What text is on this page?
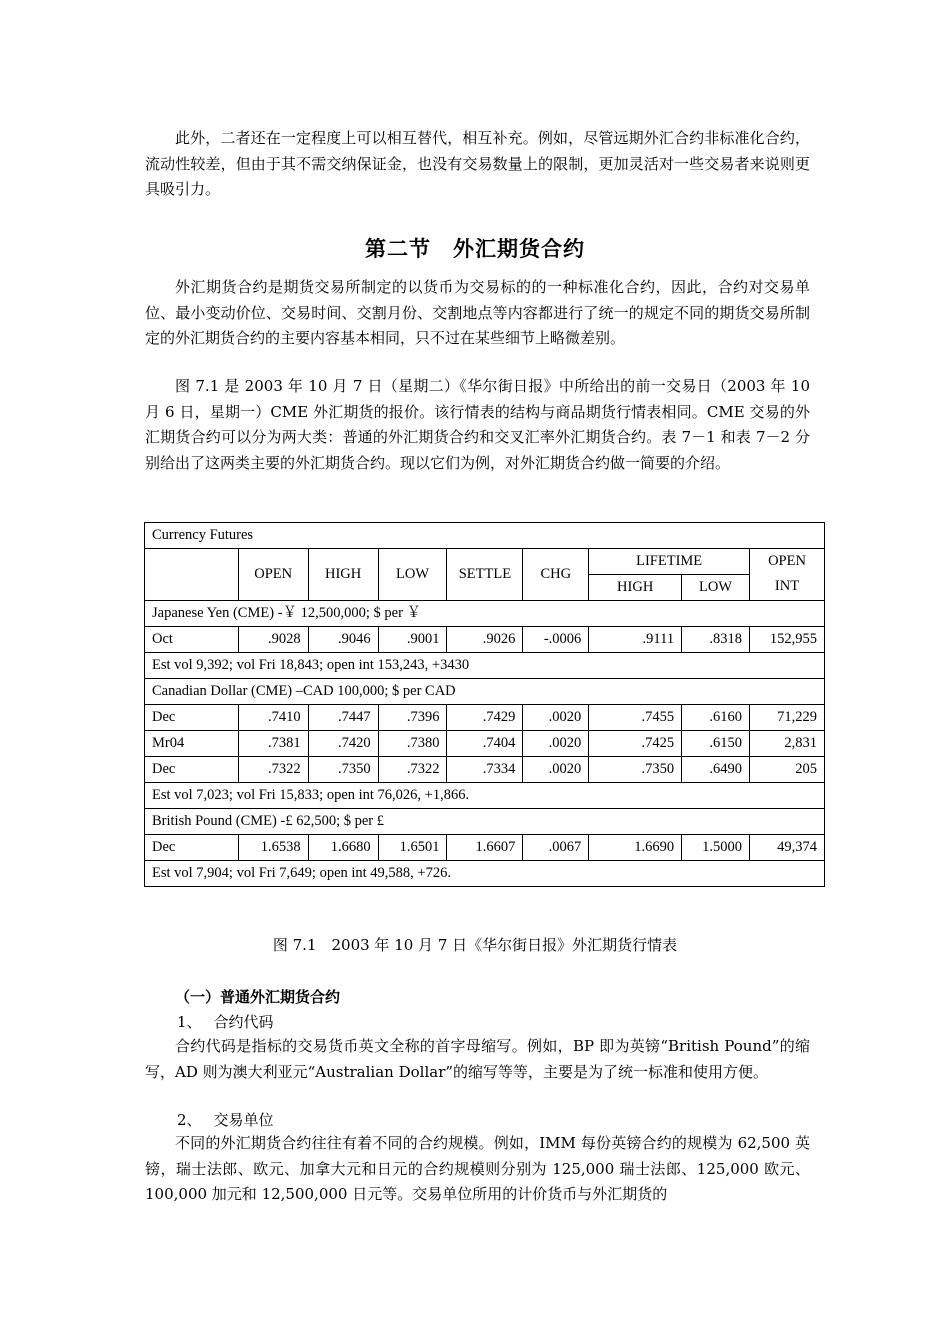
此外，二者还在一定程度上可以相互替代，相互补充。例如，尽管远期外汇合约非标准化合约，流动性较差，但由于其不需交纳保证金，也没有交易数量上的限制，更加灵活对一些交易者来说则更具吸引力。

第二节　外汇期货合约

外汇期货合约是期货交易所制定的以货币为交易标的的一种标准化合约，因此，合约对交易单位、最小变动价位、交易时间、交割月份、交割地点等内容都进行了统一的规定不同的期货交易所制定的外汇期货合约的主要内容基本相同，只不过在某些细节上略微差别。

图 7.1 是 2003 年 10 月 7 日（星期二）《华尔街日报》中所给出的前一交易日（2003 年 10 月 6 日，星期一）CME 外汇期货的报价。该行情表的结构与商品期货行情表相同。CME 交易的外汇期货合约可以分为两大类：普通的外汇期货合约和交叉汇率外汇期货合约。表 7－1 和表 7－2 分别给出了这两类主要的外汇期货合约。现以它们为例，对外汇期货合约做一简要的介绍。

Currency Futures								
	OPEN	HIGH	LOW	SETTLE	CHG	LIFETIME		OPEN INT
						HIGH	LOW	

Japanese Yen (CME) -￥ 12,500,000; $ per ￥								
Oct	.9028	.9046	.9001	.9026	-.0006	.9111	.8318	152,955
Est vol 9,392; vol Fri 18,843; open int 153,243, +3430								
Canadian Dollar (CME) –CAD 100,000; $ per CAD								
Dec	.7410	.7447	.7396	.7429	.0020	.7455	.6160	71,229
Mr04	.7381	.7420	.7380	.7404	.0020	.7425	.6150	2,831
Dec	.7322	.7350	.7322	.7334	.0020	.7350	.6490	205
Est vol 7,023; vol Fri 15,833; open int 76,026, +1,866.								
British Pound (CME) -£ 62,500; $ per £								
Dec	1.6538	1.6680	1.6501	1.6607	.0067	1.6690	1.5000	49,374
Est vol 7,904; vol Fri 7,649; open int 49,588, +726.								

图 7.1　2003 年 10 月 7 日《华尔街日报》外汇期货行情表

（一）普通外汇期货合约

1、 合约代码

合约代码是指标的交易货币英文全称的首字母缩写。例如，BP 即为英镑“British Pound”的缩写，AD 则为澳大利亚元“Australian Dollar”的缩写等等，主要是为了统一标准和使用方便。

2、 交易单位

不同的外汇期货合约往往有着不同的合约规模。例如，IMM 每份英镑合约的规模为 62,500 英镑，瑞士法郎、欧元、加拿大元和日元的合约规模则分别为 125,000 瑞士法郎、125,000 欧元、100,000 加元和 12,500,000 日元等。交易单位所用的计价货币与外汇期货的
